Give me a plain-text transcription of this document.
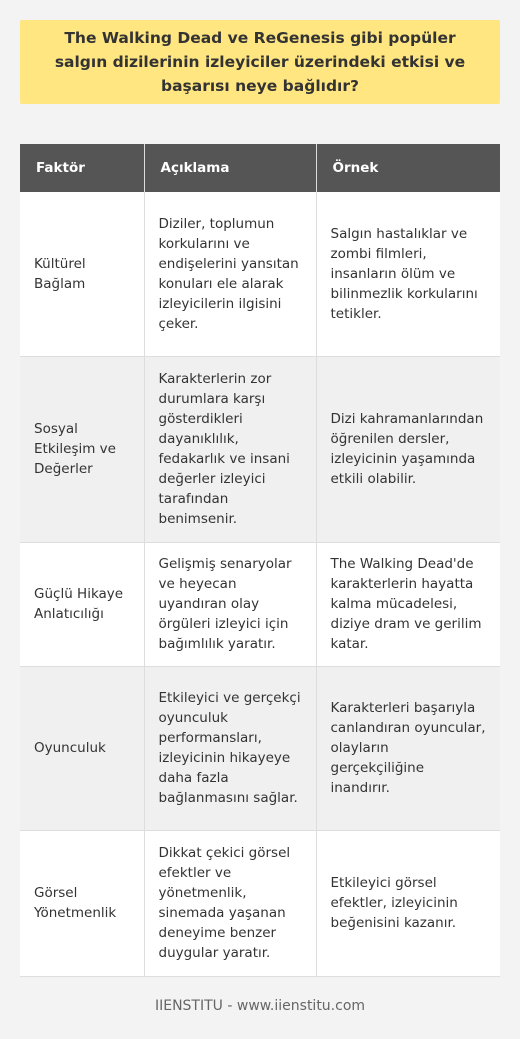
The Walking Dead ve ReGenesis gibi popüler salgın dizilerinin izleyiciler üzerindeki etkisi ve başarısı neye bağlıdır?
Faktör	Açıklama	Örnek
Kültürel Bağlam	Diziler, toplumun korkularını ve endişelerini yansıtan konuları ele alarak izleyicilerin ilgisini çeker.	Salgın hastalıklar ve zombi filmleri, insanların ölüm ve bilinmezlik korkularını tetikler.
Sosyal Etkileşim ve Değerler	Karakterlerin zor durumlara karşı gösterdikleri dayanıklılık, fedakarlık ve insani değerler izleyici tarafından benimsenir.	Dizi kahramanlarından öğrenilen dersler, izleyicinin yaşamında etkili olabilir.
Güçlü Hikaye Anlatıcılığı	Gelişmiş senaryolar ve heyecan uyandıran olay örgüleri izleyici için bağımlılık yaratır.	The Walking Dead'de karakterlerin hayatta kalma mücadelesi, diziye dram ve gerilim katar.
Oyunculuk	Etkileyici ve gerçekçi oyunculuk performansları, izleyicinin hikayeye daha fazla bağlanmasını sağlar.	Karakterleri başarıyla canlandıran oyuncular, olayların gerçekçiliğine inandırır.
Görsel Yönetmenlik	Dikkat çekici görsel efektler ve yönetmenlik, sinemada yaşanan deneyime benzer duygular yaratır.	Etkileyici görsel efektler, izleyicinin beğenisini kazanır.
IIENSTITU - www.iienstitu.com
